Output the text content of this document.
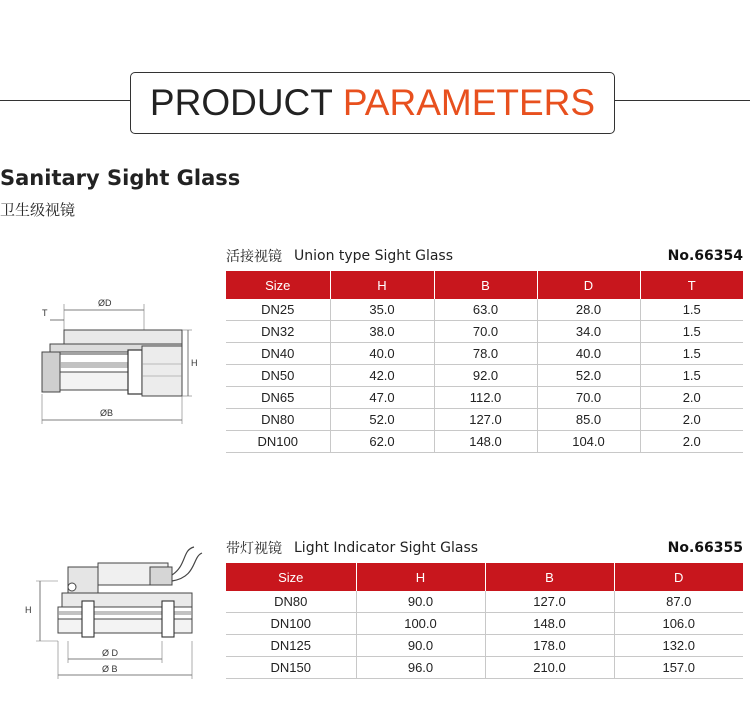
PRODUCT PARAMETERS
Sanitary Sight Glass
卫生级视镜
ØD
T
H
ØB
活接视镜 Union type Sight Glass	No.66354
Size	H	B	D	T
DN25	35.0	63.0	28.0	1.5
DN32	38.0	70.0	34.0	1.5
DN40	40.0	78.0	40.0	1.5
DN50	42.0	92.0	52.0	1.5
DN65	47.0	112.0	70.0	2.0
DN80	52.0	127.0	85.0	2.0
DN100	62.0	148.0	104.0	2.0
H
Ø D
Ø B
带灯视镜 Light Indicator Sight Glass	No.66355
Size	H	B	D
DN80	90.0	127.0	87.0
DN100	100.0	148.0	106.0
DN125	90.0	178.0	132.0
DN150	96.0	210.0	157.0
